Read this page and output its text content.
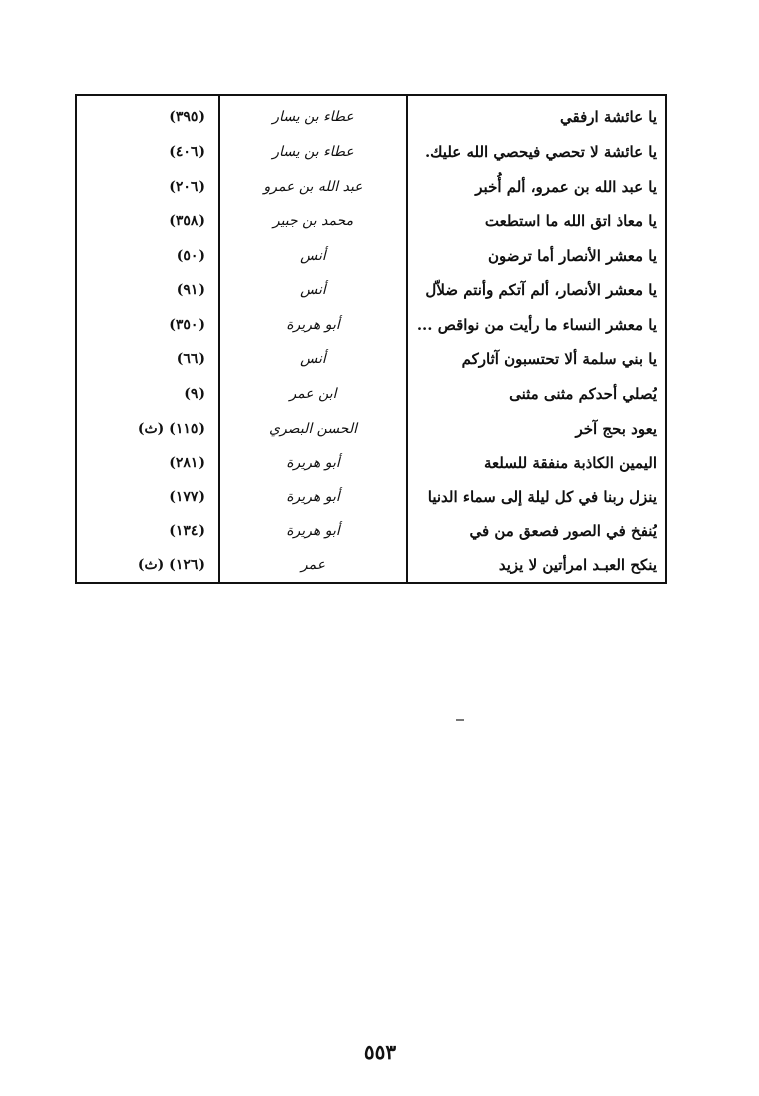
يا عائشة ارفقي
عطاء بن يسار
(٣٩٥)
يا عائشة لا تحصي فيحصي الله عليك.
عطاء بن يسار
(٤٠٦)
يا عبد الله بن عمرو، ألم أُخبر
عبد الله بن عمرو
(٢٠٦)
يا معاذ اتق الله ما استطعت
محمد بن جبير
(٣٥٨)
يا معشر الأنصار أما ترضون
أنس
(٥٠)
يا معشر الأنصار، ألم آتكم وأنتم ضلاّل
أنس
(٩١)
يا معشر النساء ما رأيت من نواقص ...
أبو هريرة
(٣٥٠)
يا بني سلمة ألا تحتسبون آثاركم
أنس
(٦٦)
يُصلي أحدكم مثنى مثنى
ابن عمر
(٩)
يعود بحج آخر
الحسن البصري
(١١٥) (ث)
اليمين الكاذبة منفقة للسلعة
أبو هريرة
(٢٨١)
ينزل ربنا في كل ليلة إلى سماء الدنيا
أبو هريرة
(١٧٧)
يُنفخ في الصور فصعق من في
أبو هريرة
(١٣٤)
ينكح العبـد امرأتين لا يزيد
عمر
(١٢٦) (ث)
٥٥٣
